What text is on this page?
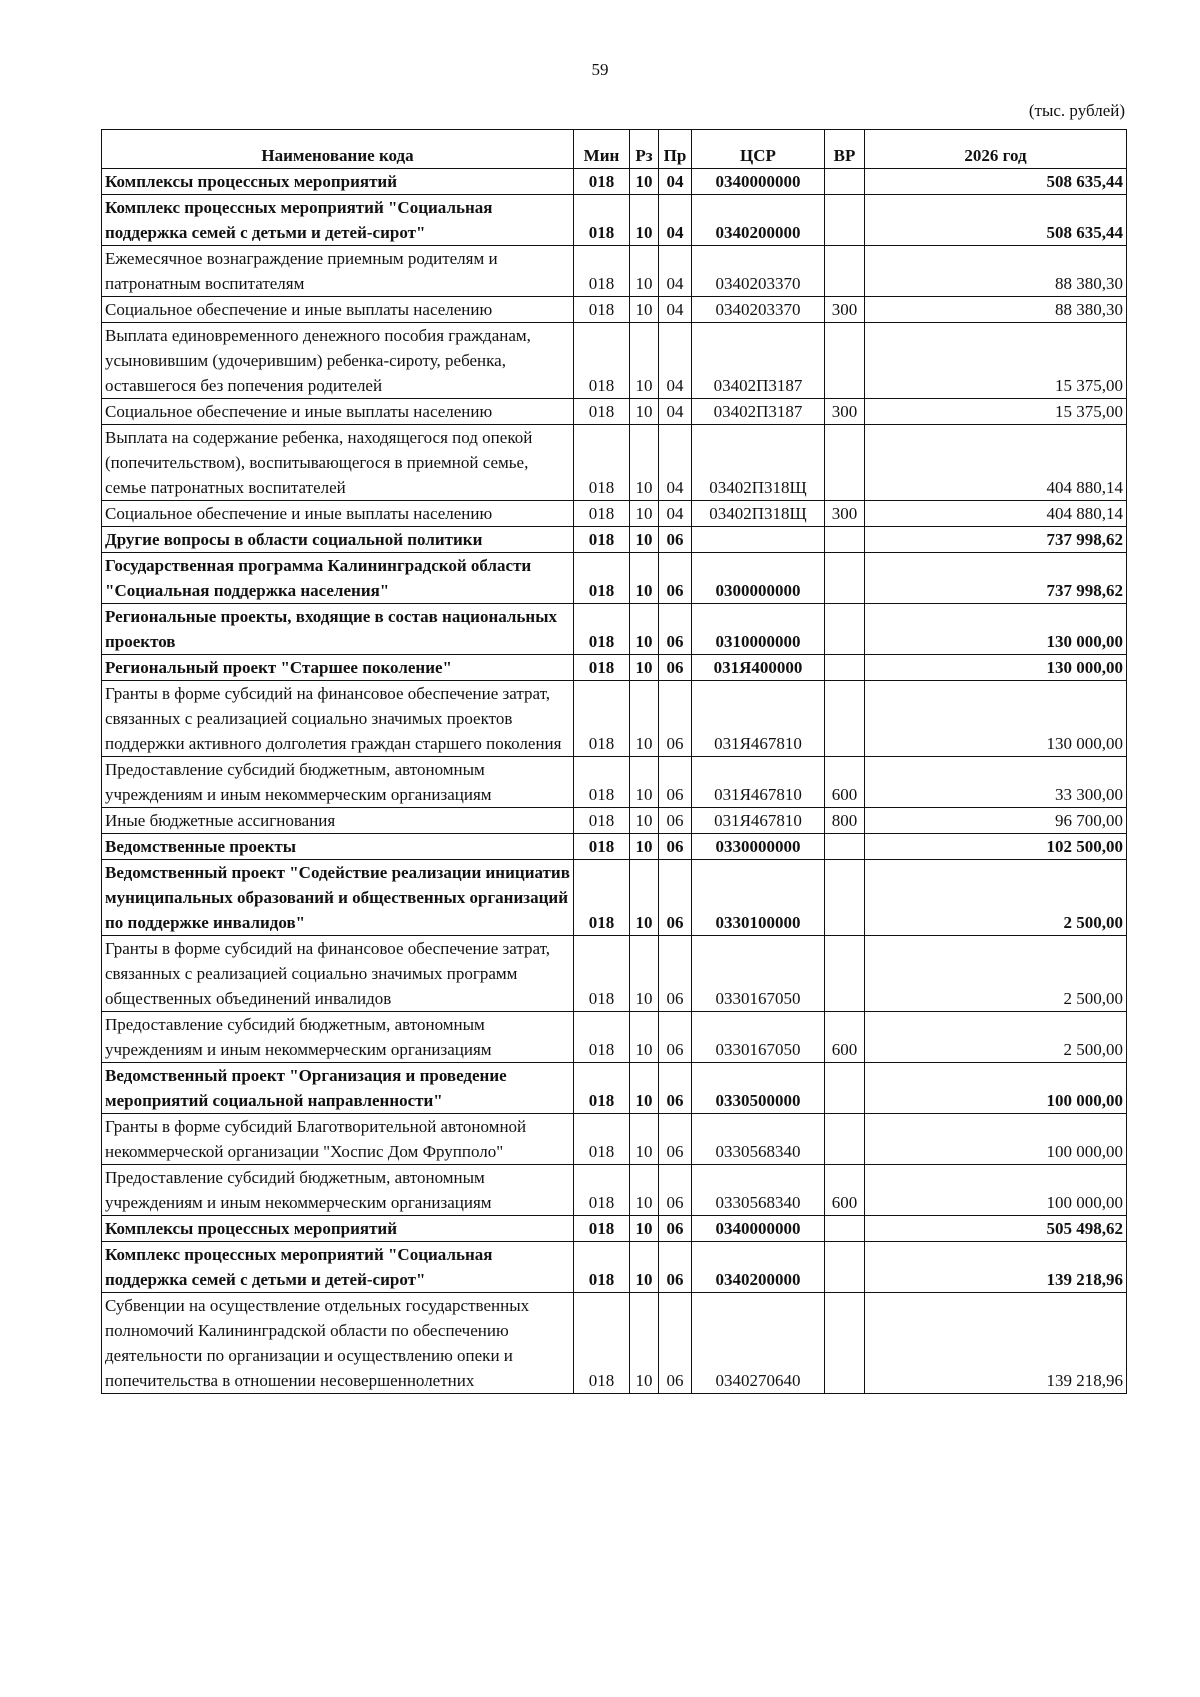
59
(тыс. рублей)
Наименование кода	Мин	Рз	Пр	ЦСР	ВР	2026 год
Комплексы процессных мероприятий	018	10	04	0340000000		508 635,44
Комплекс процессных мероприятий "Социальная поддержка семей с детьми и детей-сирот"	018	10	04	0340200000		508 635,44
Ежемесячное вознаграждение приемным родителям и патронатным воспитателям	018	10	04	0340203370		88 380,30
Социальное обеспечение и иные выплаты населению	018	10	04	0340203370	300	88 380,30
Выплата единовременного денежного пособия гражданам, усыновившим (удочерившим) ребенка-сироту, ребенка, оставшегося без попечения родителей	018	10	04	03402П3187		15 375,00
Социальное обеспечение и иные выплаты населению	018	10	04	03402П3187	300	15 375,00
Выплата на содержание ребенка, находящегося под опекой (попечительством), воспитывающегося в приемной семье, семье патронатных воспитателей	018	10	04	03402П318Щ		404 880,14
Социальное обеспечение и иные выплаты населению	018	10	04	03402П318Щ	300	404 880,14
Другие вопросы в области социальной политики	018	10	06			737 998,62
Государственная программа Калининградской области "Социальная поддержка населения"	018	10	06	0300000000		737 998,62
Региональные проекты, входящие в состав национальных проектов	018	10	06	0310000000		130 000,00
Региональный проект "Старшее поколение"	018	10	06	031Я400000		130 000,00
Гранты в форме субсидий на финансовое обеспечение затрат, связанных с реализацией социально значимых проектов поддержки активного долголетия граждан старшего поколения	018	10	06	031Я467810		130 000,00
Предоставление субсидий бюджетным, автономным учреждениям и иным некоммерческим организациям	018	10	06	031Я467810	600	33 300,00
Иные бюджетные ассигнования	018	10	06	031Я467810	800	96 700,00
Ведомственные проекты	018	10	06	0330000000		102 500,00
Ведомственный проект "Содействие реализации инициатив муниципальных образований и общественных организаций по поддержке инвалидов"	018	10	06	0330100000		2 500,00
Гранты в форме субсидий на финансовое обеспечение затрат, связанных с реализацией социально значимых программ общественных объединений инвалидов	018	10	06	0330167050		2 500,00
Предоставление субсидий бюджетным, автономным учреждениям и иным некоммерческим организациям	018	10	06	0330167050	600	2 500,00
Ведомственный проект "Организация и проведение мероприятий социальной направленности"	018	10	06	0330500000		100 000,00
Гранты в форме субсидий Благотворительной автономной некоммерческой организации "Хоспис Дом Фрупполо"	018	10	06	0330568340		100 000,00
Предоставление субсидий бюджетным, автономным учреждениям и иным некоммерческим организациям	018	10	06	0330568340	600	100 000,00
Комплексы процессных мероприятий	018	10	06	0340000000		505 498,62
Комплекс процессных мероприятий "Социальная поддержка семей с детьми и детей-сирот"	018	10	06	0340200000		139 218,96
Субвенции на осуществление отдельных государственных полномочий Калининградской области по обеспечению деятельности по организации и осуществлению опеки и попечительства в отношении несовершеннолетних	018	10	06	0340270640		139 218,96
